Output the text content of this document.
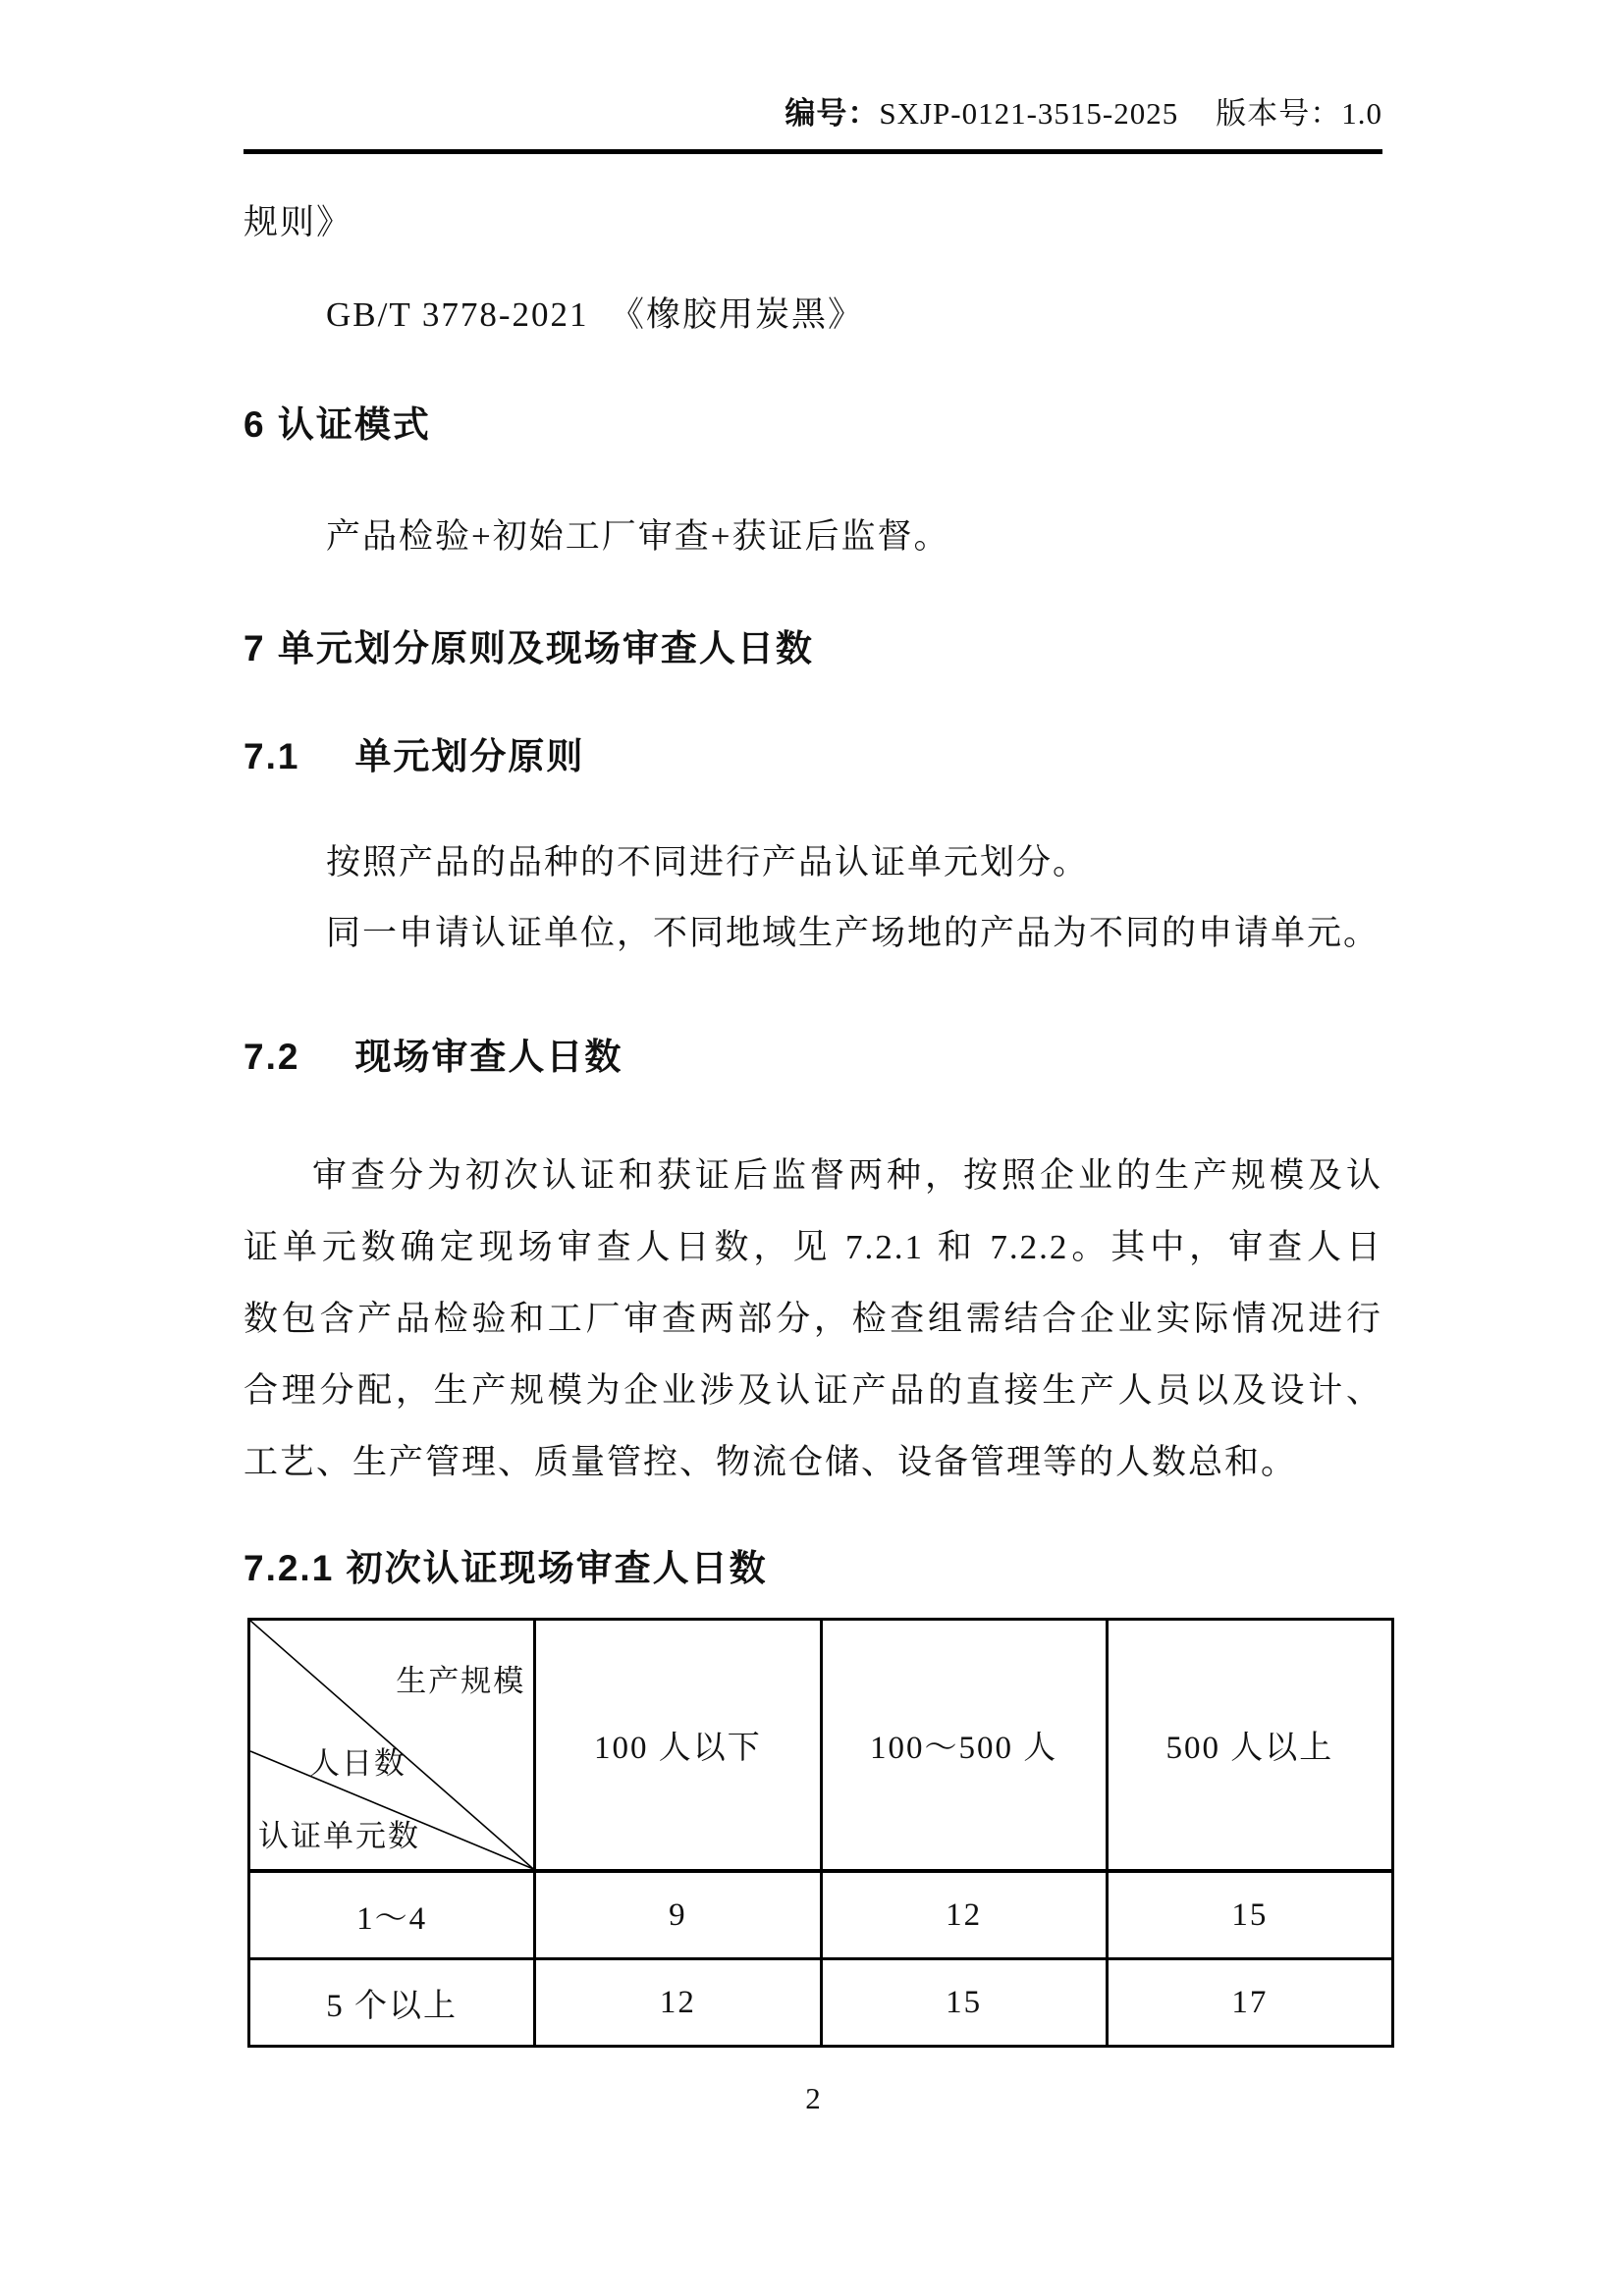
编号：SXJP-0121-3515-2025 版本号：1.0
规则》
GB/T 3778-2021  《橡胶用炭黑》
6 认证模式
产品检验+初始工厂审查+获证后监督。
7 单元划分原则及现场审查人日数
7.1 单元划分原则
按照产品的品种的不同进行产品认证单元划分。
同一申请认证单位，不同地域生产场地的产品为不同的申请单元。
7.2 现场审查人日数
审查分为初次认证和获证后监督两种，按照企业的生产规模及认
证单元数确定现场审查人日数，见 7.2.1 和 7.2.2。其中，审查人日
数包含产品检验和工厂审查两部分，检查组需结合企业实际情况进行
合理分配，生产规模为企业涉及认证产品的直接生产人员以及设计、
工艺、生产管理、质量管控、物流仓储、设备管理等的人数总和。
7.2.1 初次认证现场审查人日数
生产规模
人日数
认证单元数	100 人以下	100～500 人	500 人以上
1～4	9	12	15
5 个以上	12	15	17
2
